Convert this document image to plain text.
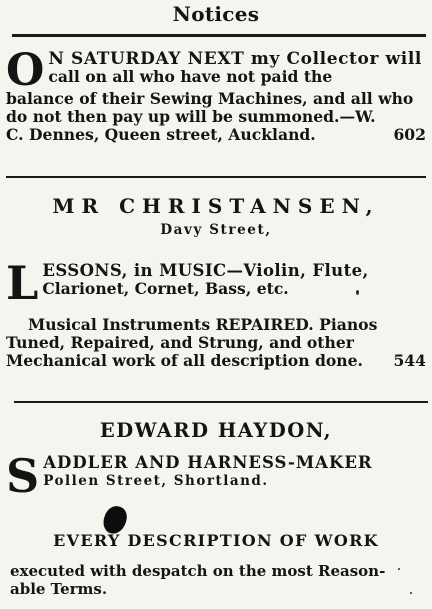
Notices
O N SATURDAY NEXT my Collector will
call on all who have not paid the
balance of their Sewing Machines, and all who
do not then pay up will be summoned.—W.
C. Dennes, Queen street, Auckland.	602
MR CHRISTANSEN,
Davy Street,
L ESSONS, in MUSIC—Violin, Flute,
Clarionet, Cornet, Bass, etc.
Musical Instruments REPAIRED. Pianos
Tuned, Repaired, and Strung, and other
Mechanical work of all description done. 544
EDWARD HAYDON,
S ADDLER AND HARNESS-MAKER
Pollen Street, Shortland.
EVERY DESCRIPTION OF WORK
executed with despatch on the most Reason-
able Terms.
